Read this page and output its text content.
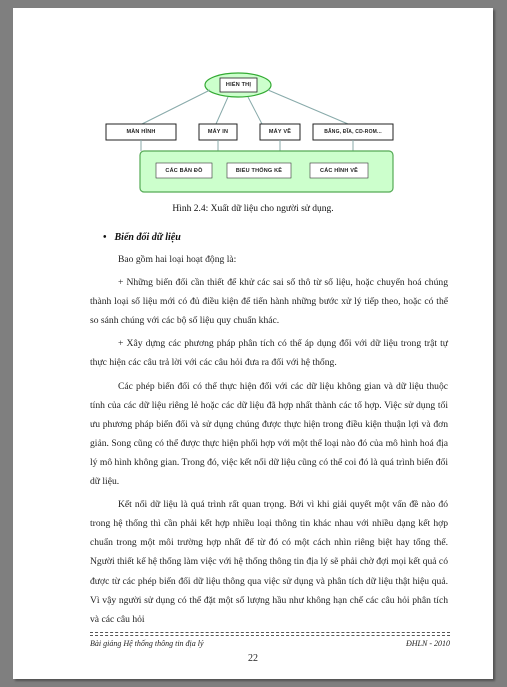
HIỂN THỊ
MÀN HÌNH	MÁY IN	MÁY VẼ	BĂNG, ĐĨA, CD-ROM...
CÁC BẢN ĐỒ	BIỂU THỐNG KÊ	CÁC HÌNH VẼ
Hình 2.4: Xuất dữ liệu cho người sử dụng.
• Biến đổi dữ liệu

Bao gồm hai loại hoạt động là:

+ Những biến đổi cần thiết để khử các sai số thô từ số liệu, hoặc chuyển hoá chúng thành loại số liệu mới có đủ điều kiện để tiến hành những bước xử lý tiếp theo, hoặc có thể so sánh chúng với các bộ số liệu quy chuẩn khác.

+ Xây dựng các phương pháp phân tích có thể áp dụng đối với dữ liệu trong trật tự thực hiện các câu trả lời với các câu hỏi đưa ra đối với hệ thống.

Các phép biến đổi có thể thực hiện đối với các dữ liệu không gian và dữ liệu thuộc tính của các dữ liệu riêng lẻ hoặc các dữ liệu đã hợp nhất thành các tổ hợp. Việc sử dụng tối ưu phương pháp biến đổi và sử dụng chúng được thực hiện trong điều kiện thuận lợi và đơn giản. Song cũng có thể được thực hiện phối hợp với một thể loại nào đó của mô hình hoá địa lý mô hình không gian. Trong đó, việc kết nối dữ liệu cũng có thể coi đó là quá trình biến đổi dữ liệu.

Kết nối dữ liệu là quá trình rất quan trọng. Bởi vì khi giải quyết một vấn đề nào đó trong hệ thống thì cần phải kết hợp nhiều loại thông tin khác nhau với nhiều dạng kết hợp chuẩn trong một môi trường hợp nhất để từ đó có một cách nhìn riêng biệt hay tổng thể. Người thiết kế hệ thống làm việc với hệ thống thông tin địa lý sẽ phải chờ đợi mọi kết quả có được từ các phép biến đổi dữ liệu thông qua việc sử dụng và phân tích dữ liệu thật hiệu quả. Vì vậy người sử dụng có thể đặt một số lượng hầu như không hạn chế các câu hỏi phân tích và các câu hỏi

Bài giảng Hệ thống thông tin địa lý	ĐHLN - 2010
22
